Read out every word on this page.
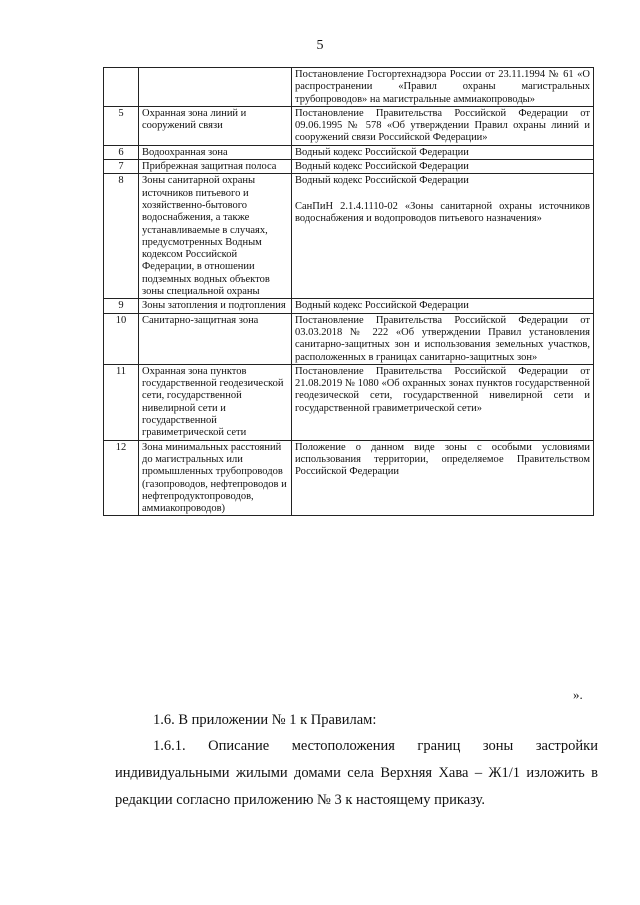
5

		Постановление Госгортехнадзора России от 23.11.1994 № 61 «О распространении «Правил охраны магистральных трубопроводов» на магистральные аммиакопроводы»

5	Охранная зона линий и сооружений связи	Постановление Правительства Российской Федерации от 09.06.1995 № 578 «Об утверждении Правил охраны линий и сооружений связи Российской Федерации»

6	Водоохранная зона	Водный кодекс Российской Федерации

7	Прибрежная защитная полоса	Водный кодекс Российской Федерации

8	Зоны санитарной охраны источников питьевого и хозяйственно-бытового водоснабжения, а также устанавливаемые в случаях, предусмотренных Водным кодексом Российской Федерации, в отношении подземных водных объектов зоны специальной охраны	Водный кодекс Российской Федерации
СанПиН 2.1.4.1110-02 «Зоны санитарной охраны источников водоснабжения и водопроводов питьевого назначения»

9	Зоны затопления и подтопления	Водный кодекс Российской Федерации

10	Санитарно-защитная зона	Постановление Правительства Российской Федерации от 03.03.2018 № 222 «Об утверждении Правил установления санитарно-защитных зон и использования земельных участков, расположенных в границах санитарно-защитных зон»

11	Охранная зона пунктов государственной геодезической сети, государственной нивелирной сети и государственной гравиметрической сети	Постановление Правительства Российской Федерации от 21.08.2019 № 1080 «Об охранных зонах пунктов государственной геодезической сети, государственной нивелирной сети и государственной гравиметрической сети»

12	Зона минимальных расстояний до магистральных или промышленных трубопроводов (газопроводов, нефтепроводов и нефтепродуктопроводов, аммиакопроводов)	Положение о данном виде зоны с особыми условиями использования территории, определяемое Правительством Российской Федерации
».
1.6. В приложении № 1 к Правилам:
1.6.1. Описание местоположения границ зоны застройки индивидуальными жилыми домами села Верхняя Хава – Ж1/1 изложить в редакции согласно приложению № 3 к настоящему приказу.
